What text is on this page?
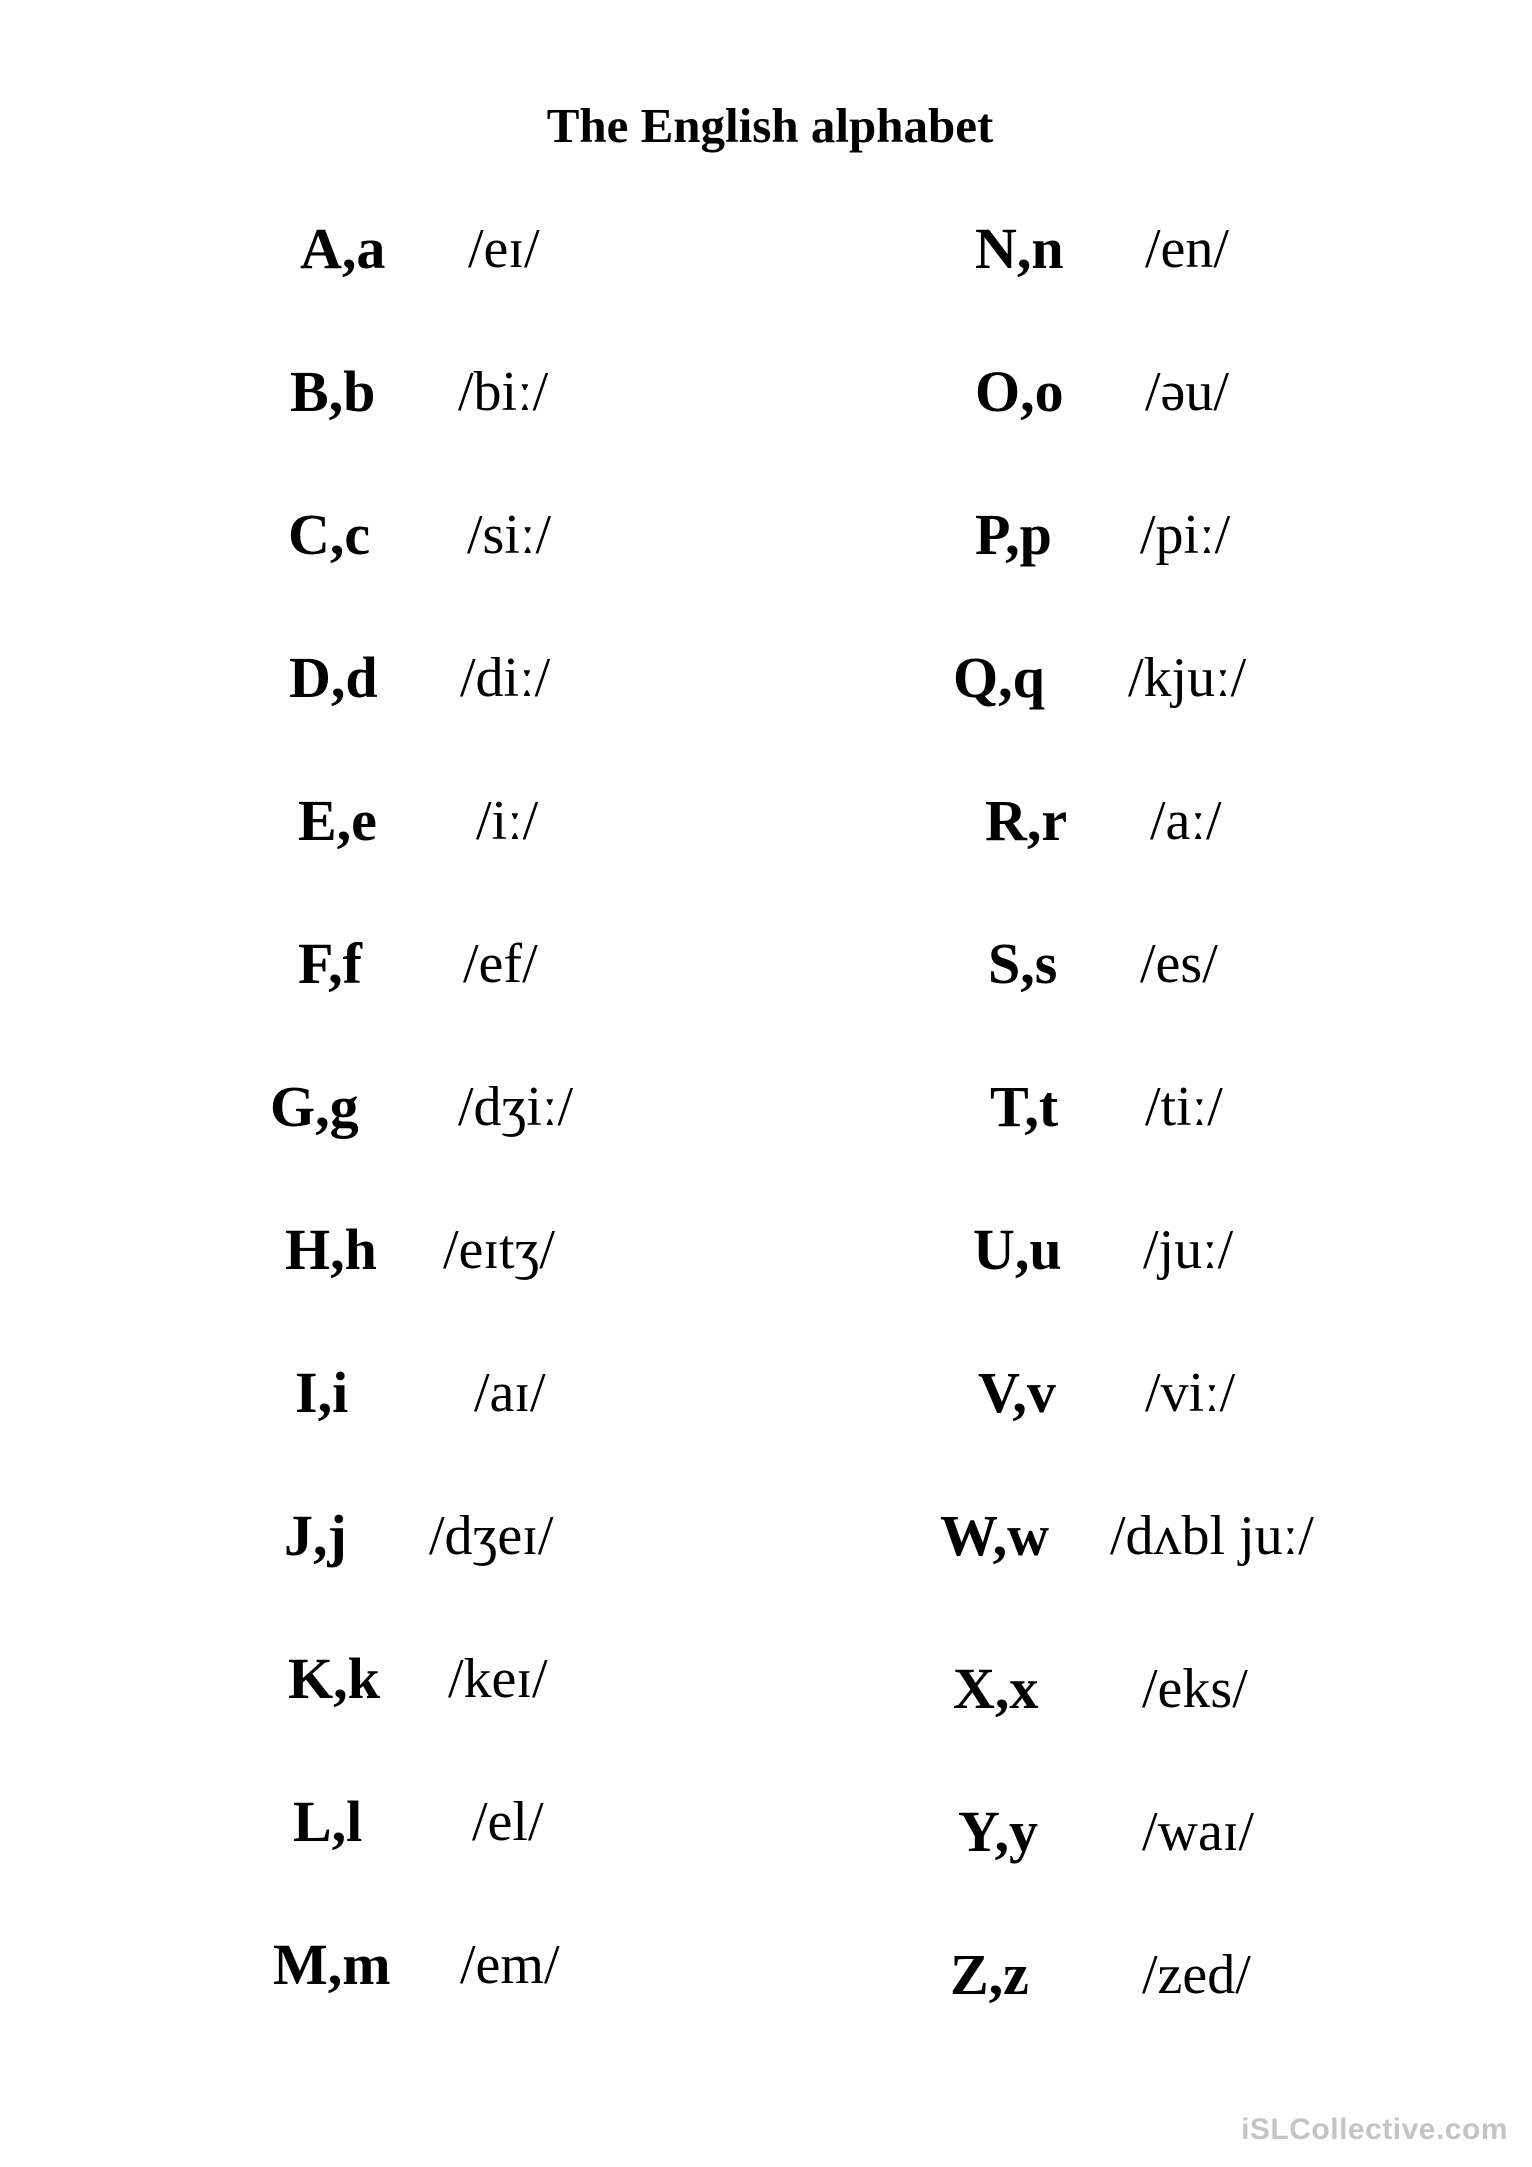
The English alphabet
A,a /eɪ/
B,b /biː/
C,c /siː/
D,d /diː/
E,e /iː/
F,f /ef/
G,g /dʒiː/
H,h /eɪtʒ/
I,i /aɪ/
J,j /dʒeɪ/
K,k /keɪ/
L,l /el/
M,m /em/
N,n /en/
O,o /əu/
P,p /piː/
Q,q /kjuː/
R,r /aː/
S,s /es/
T,t /tiː/
U,u /juː/
V,v /viː/
W,w /dʌbl juː/
X,x /eks/
Y,y /waɪ/
Z,z /zed/
iSLCollective.com
